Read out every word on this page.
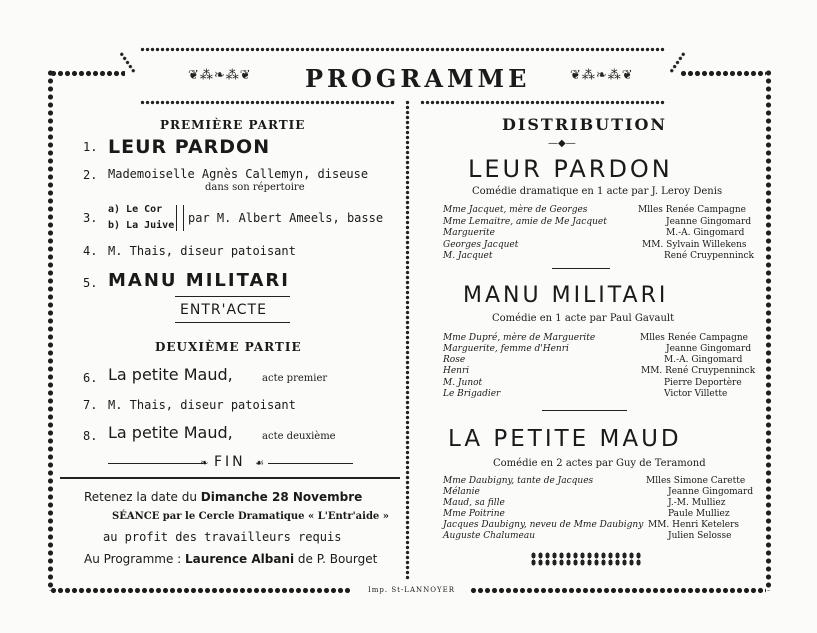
❦⁂❧⁂❦	❦⁂❧⁂❦
PROGRAMME
PREMIÈRE PARTIE
1. LEUR PARDON
2. Mademoiselle Agnès Callemyn, diseuse
dans son répertoire
3.
a) Le Cor
b) La Juive
par M. Albert Ameels, basse
4. M. Thais, diseur patoisant
5. MANU MILITARI
ENTR'ACTE
DEUXIÈME PARTIE
6. La petite Maud,	acte premier
7. M. Thais, diseur patoisant
8. La petite Maud,	acte deuxième
❧ FIN ☙
Retenez la date du Dimanche 28 Novembre
SÉANCE par le Cercle Dramatique « L'Entr'aide »
au profit des travailleurs requis
Au Programme : Laurence Albani de P. Bourget
DISTRIBUTION
—◆—
LEUR PARDON
Comédie dramatique en 1 acte par J. Leroy Denis
Mme Jacquet, mère de Georges	Mlles Renée Campagne
Mme Lemaitre, amie de Me Jacquet	Jeanne Gingomard
Marguerite	M.-A. Gingomard
Georges Jacquet	MM. Sylvain Willekens
M. Jacquet	René Cruypenninck
MANU MILITARI
Comédie en 1 acte par Paul Gavault
Mme Dupré, mère de Marguerite	Mlles Renée Campagne
Marguerite, femme d'Henri	Jeanne Gingomard
Rose	M.-A. Gingomard
Henri	MM. René Cruypenninck
M. Junot	Pierre Deportère
Le Brigadier	Victor Villette
LA PETITE MAUD
Comédie en 2 actes par Guy de Teramond
Mme Daubigny, tante de Jacques	Mlles Simone Carette
Mélanie	Jeanne Gingomard
Maud, sa fille	J.-M. Mulliez
Mme Poitrine	Paule Mulliez
Jacques Daubigny, neveu de Mme Daubigny MM. Henri Ketelers
Auguste Chalumeau	Julien Selosse
Imp. St-LANNOYER
